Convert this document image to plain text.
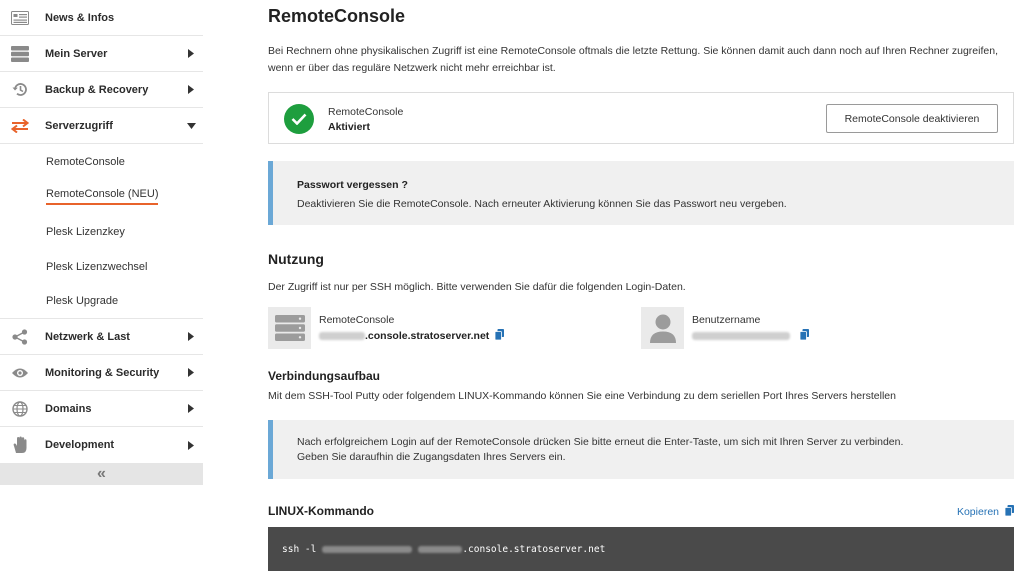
News & Infos
Mein Server
Backup & Recovery
Serverzugriff
RemoteConsole
RemoteConsole (NEU)
Plesk Lizenzkey
Plesk Lizenzwechsel
Plesk Upgrade
Netzwerk & Last
Monitoring & Security
Domains
Development
«
RemoteConsole
Bei Rechnern ohne physikalischen Zugriff ist eine RemoteConsole oftmals die letzte Rettung. Sie können damit auch dann noch auf Ihren Rechner zugreifen,
wenn er über das reguläre Netzwerk nicht mehr erreichbar ist.
RemoteConsole
Aktiviert
RemoteConsole deaktivieren
Passwort vergessen ?
Deaktivieren Sie die RemoteConsole. Nach erneuter Aktivierung können Sie das Passwort neu vergeben.
Nutzung
Der Zugriff ist nur per SSH möglich. Bitte verwenden Sie dafür die folgenden Login-Daten.
RemoteConsole
.console.stratoserver.net
Benutzername
Verbindungsaufbau
Mit dem SSH-Tool Putty oder folgendem LINUX-Kommando können Sie eine Verbindung zu dem seriellen Port Ihres Servers herstellen
Nach erfolgreichem Login auf der RemoteConsole drücken Sie bitte erneut die Enter-Taste, um sich mit Ihren Server zu verbinden.
Geben Sie daraufhin die Zugangsdaten Ihres Servers ein.
LINUX-Kommando	Kopieren
ssh -l	.console.stratoserver.net
